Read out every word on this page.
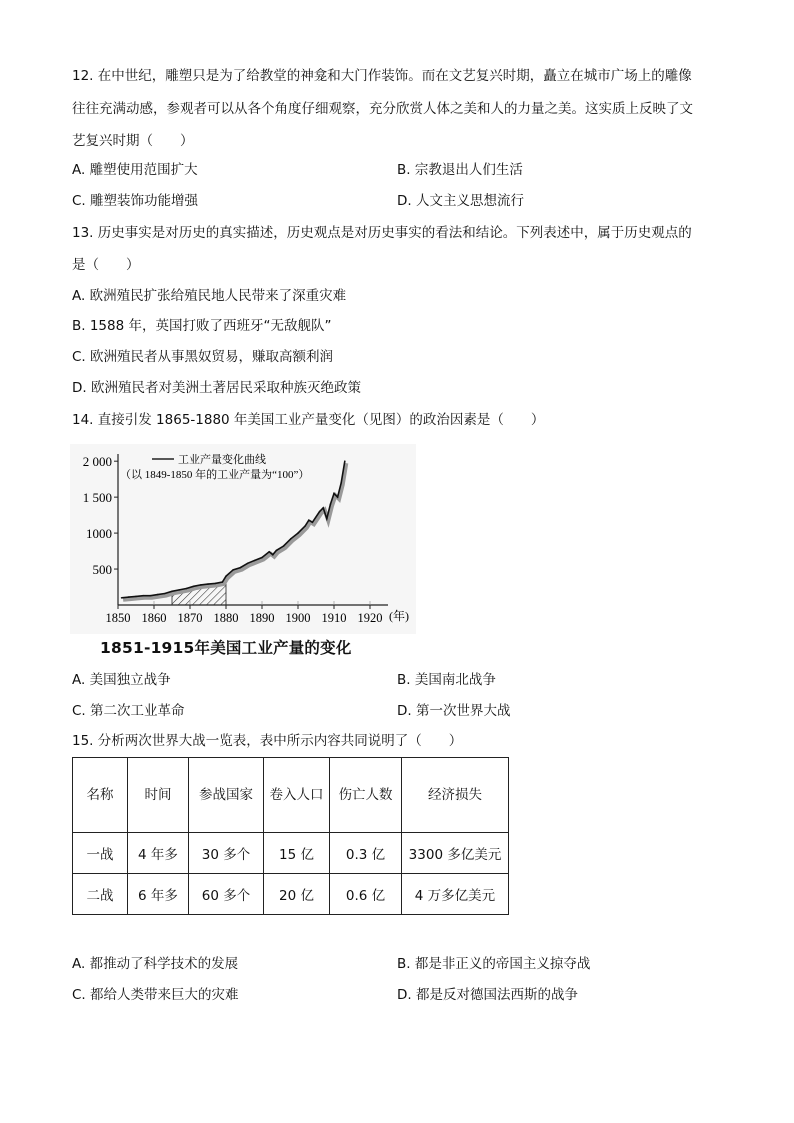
12. 在中世纪，雕塑只是为了给教堂的神龛和大门作装饰。而在文艺复兴时期，矗立在城市广场上的雕像
往往充满动感，参观者可以从各个角度仔细观察，充分欣赏人体之美和人的力量之美。这实质上反映了文
艺复兴时期（　　）
A. 雕塑使用范围扩大	B. 宗教退出人们生活
C. 雕塑装饰功能增强	D. 人文主义思想流行
13. 历史事实是对历史的真实描述，历史观点是对历史事实的看法和结论。下列表述中，属于历史观点的
是（　　）
A. 欧洲殖民扩张给殖民地人民带来了深重灾难
B. 1588 年，英国打败了西班牙“无敌舰队”
C. 欧洲殖民者从事黑奴贸易，赚取高额利润
D. 欧洲殖民者对美洲土著居民采取种族灭绝政策
14. 直接引发 1865-1880 年美国工业产量变化（见图）的政治因素是（　　）
500
1000
1 500
2 000
1850 1860 1870 1880 1890 1900 1910 1920
工业产量变化曲线
（以 1849-1850 年的工业产量为“100”）
(年)
1851-1915年美国工业产量的变化
A. 美国独立战争	B. 美国南北战争
C. 第二次工业革命	D. 第一次世界大战
15. 分析两次世界大战一览表，表中所示内容共同说明了（　　）
名称	时间	参战国家	卷入人口	伤亡人数	经济损失
一战	4 年多	30 多个	15 亿	0.3 亿	3300 多亿美元
二战	6 年多	60 多个	20 亿	0.6 亿	4 万多亿美元
A. 都推动了科学技术的发展	B. 都是非正义的帝国主义掠夺战
C. 都给人类带来巨大的灾难	D. 都是反对德国法西斯的战争
